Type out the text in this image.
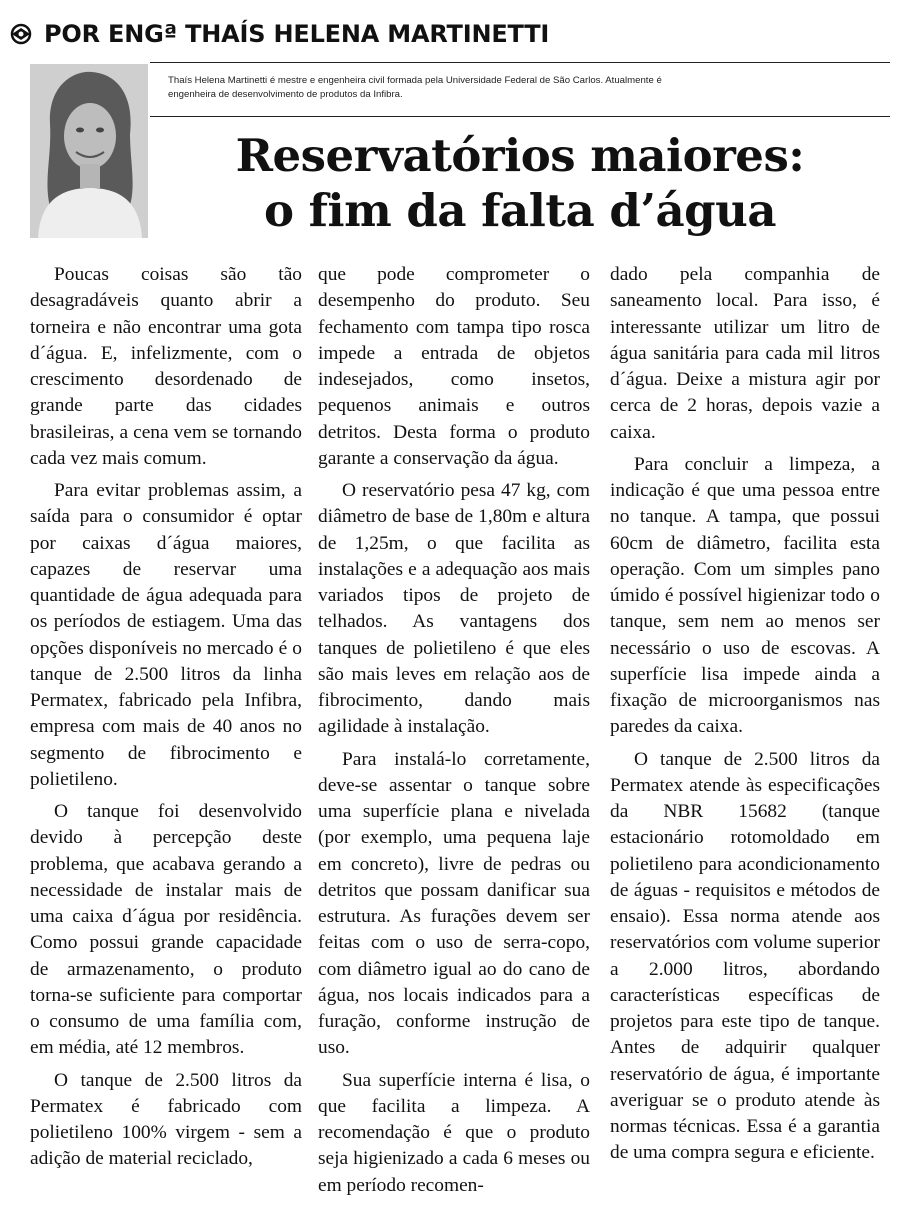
POR ENGª THAÍS HELENA MARTINETTI
Thaís Helena Martinetti é mestre e engenheira civil formada pela Universidade Federal de São Carlos. Atualmente é engenheira de desenvolvimento de produtos da Infibra.
Reservatórios maiores:
o fim da falta d’água

Poucas coisas são tão desagradáveis quanto abrir a torneira e não encontrar uma gota d´água. E, infelizmente, com o crescimento desordenado de grande parte das cidades brasileiras, a cena vem se tornando cada vez mais comum.

Para evitar problemas assim, a saída para o consumidor é optar por caixas d´água maiores, capazes de reservar uma quantidade de água adequada para os períodos de estiagem. Uma das opções disponíveis no mercado é o tanque de 2.500 litros da linha Permatex, fabricado pela Infibra, empresa com mais de 40 anos no segmento de fibrocimento e polietileno.

O tanque foi desenvolvido devido à percepção deste problema, que acabava gerando a necessidade de instalar mais de uma caixa d´água por residência. Como possui grande capacidade de armazenamento, o produto torna-se suficiente para comportar o consumo de uma família com, em média, até 12 membros.

O tanque de 2.500 litros da Permatex é fabricado com polietileno 100% virgem - sem a adição de material reciclado,

que pode comprometer o desempenho do produto. Seu fechamento com tampa tipo rosca impede a entrada de objetos indesejados, como insetos, pequenos animais e outros detritos. Desta forma o produto garante a conservação da água.

O reservatório pesa 47 kg, com diâmetro de base de 1,80m e altura de 1,25m, o que facilita as instalações e a adequação aos mais variados tipos de projeto de telhados. As vantagens dos tanques de polietileno é que eles são mais leves em relação aos de fibrocimento, dando mais agilidade à instalação.

Para instalá-lo corretamente, deve-se assentar o tanque sobre uma superfície plana e nivelada (por exemplo, uma pequena laje em concreto), livre de pedras ou detritos que possam danificar sua estrutura. As furações devem ser feitas com o uso de serra-copo, com diâmetro igual ao do cano de água, nos locais indicados para a furação, conforme instrução de uso.

Sua superfície interna é lisa, o que facilita a limpeza. A recomendação é que o produto seja higienizado a cada 6 meses ou em período recomen-

dado pela companhia de saneamento local. Para isso, é interessante utilizar um litro de água sanitária para cada mil litros d´água. Deixe a mistura agir por cerca de 2 horas, depois vazie a caixa.

Para concluir a limpeza, a indicação é que uma pessoa entre no tanque. A tampa, que possui 60cm de diâmetro, facilita esta operação. Com um simples pano úmido é possível higienizar todo o tanque, sem nem ao menos ser necessário o uso de escovas. A superfície lisa impede ainda a fixação de microorganismos nas paredes da caixa.

O tanque de 2.500 litros da Permatex atende às especificações da NBR 15682 (tanque estacionário rotomoldado em polietileno para acondicionamento de águas - requisitos e métodos de ensaio). Essa norma atende aos reservatórios com volume superior a 2.000 litros, abordando características específicas de projetos para este tipo de tanque. Antes de adquirir qualquer reservatório de água, é importante averiguar se o produto atende às normas técnicas. Essa é a garantia de uma compra segura e eficiente.
